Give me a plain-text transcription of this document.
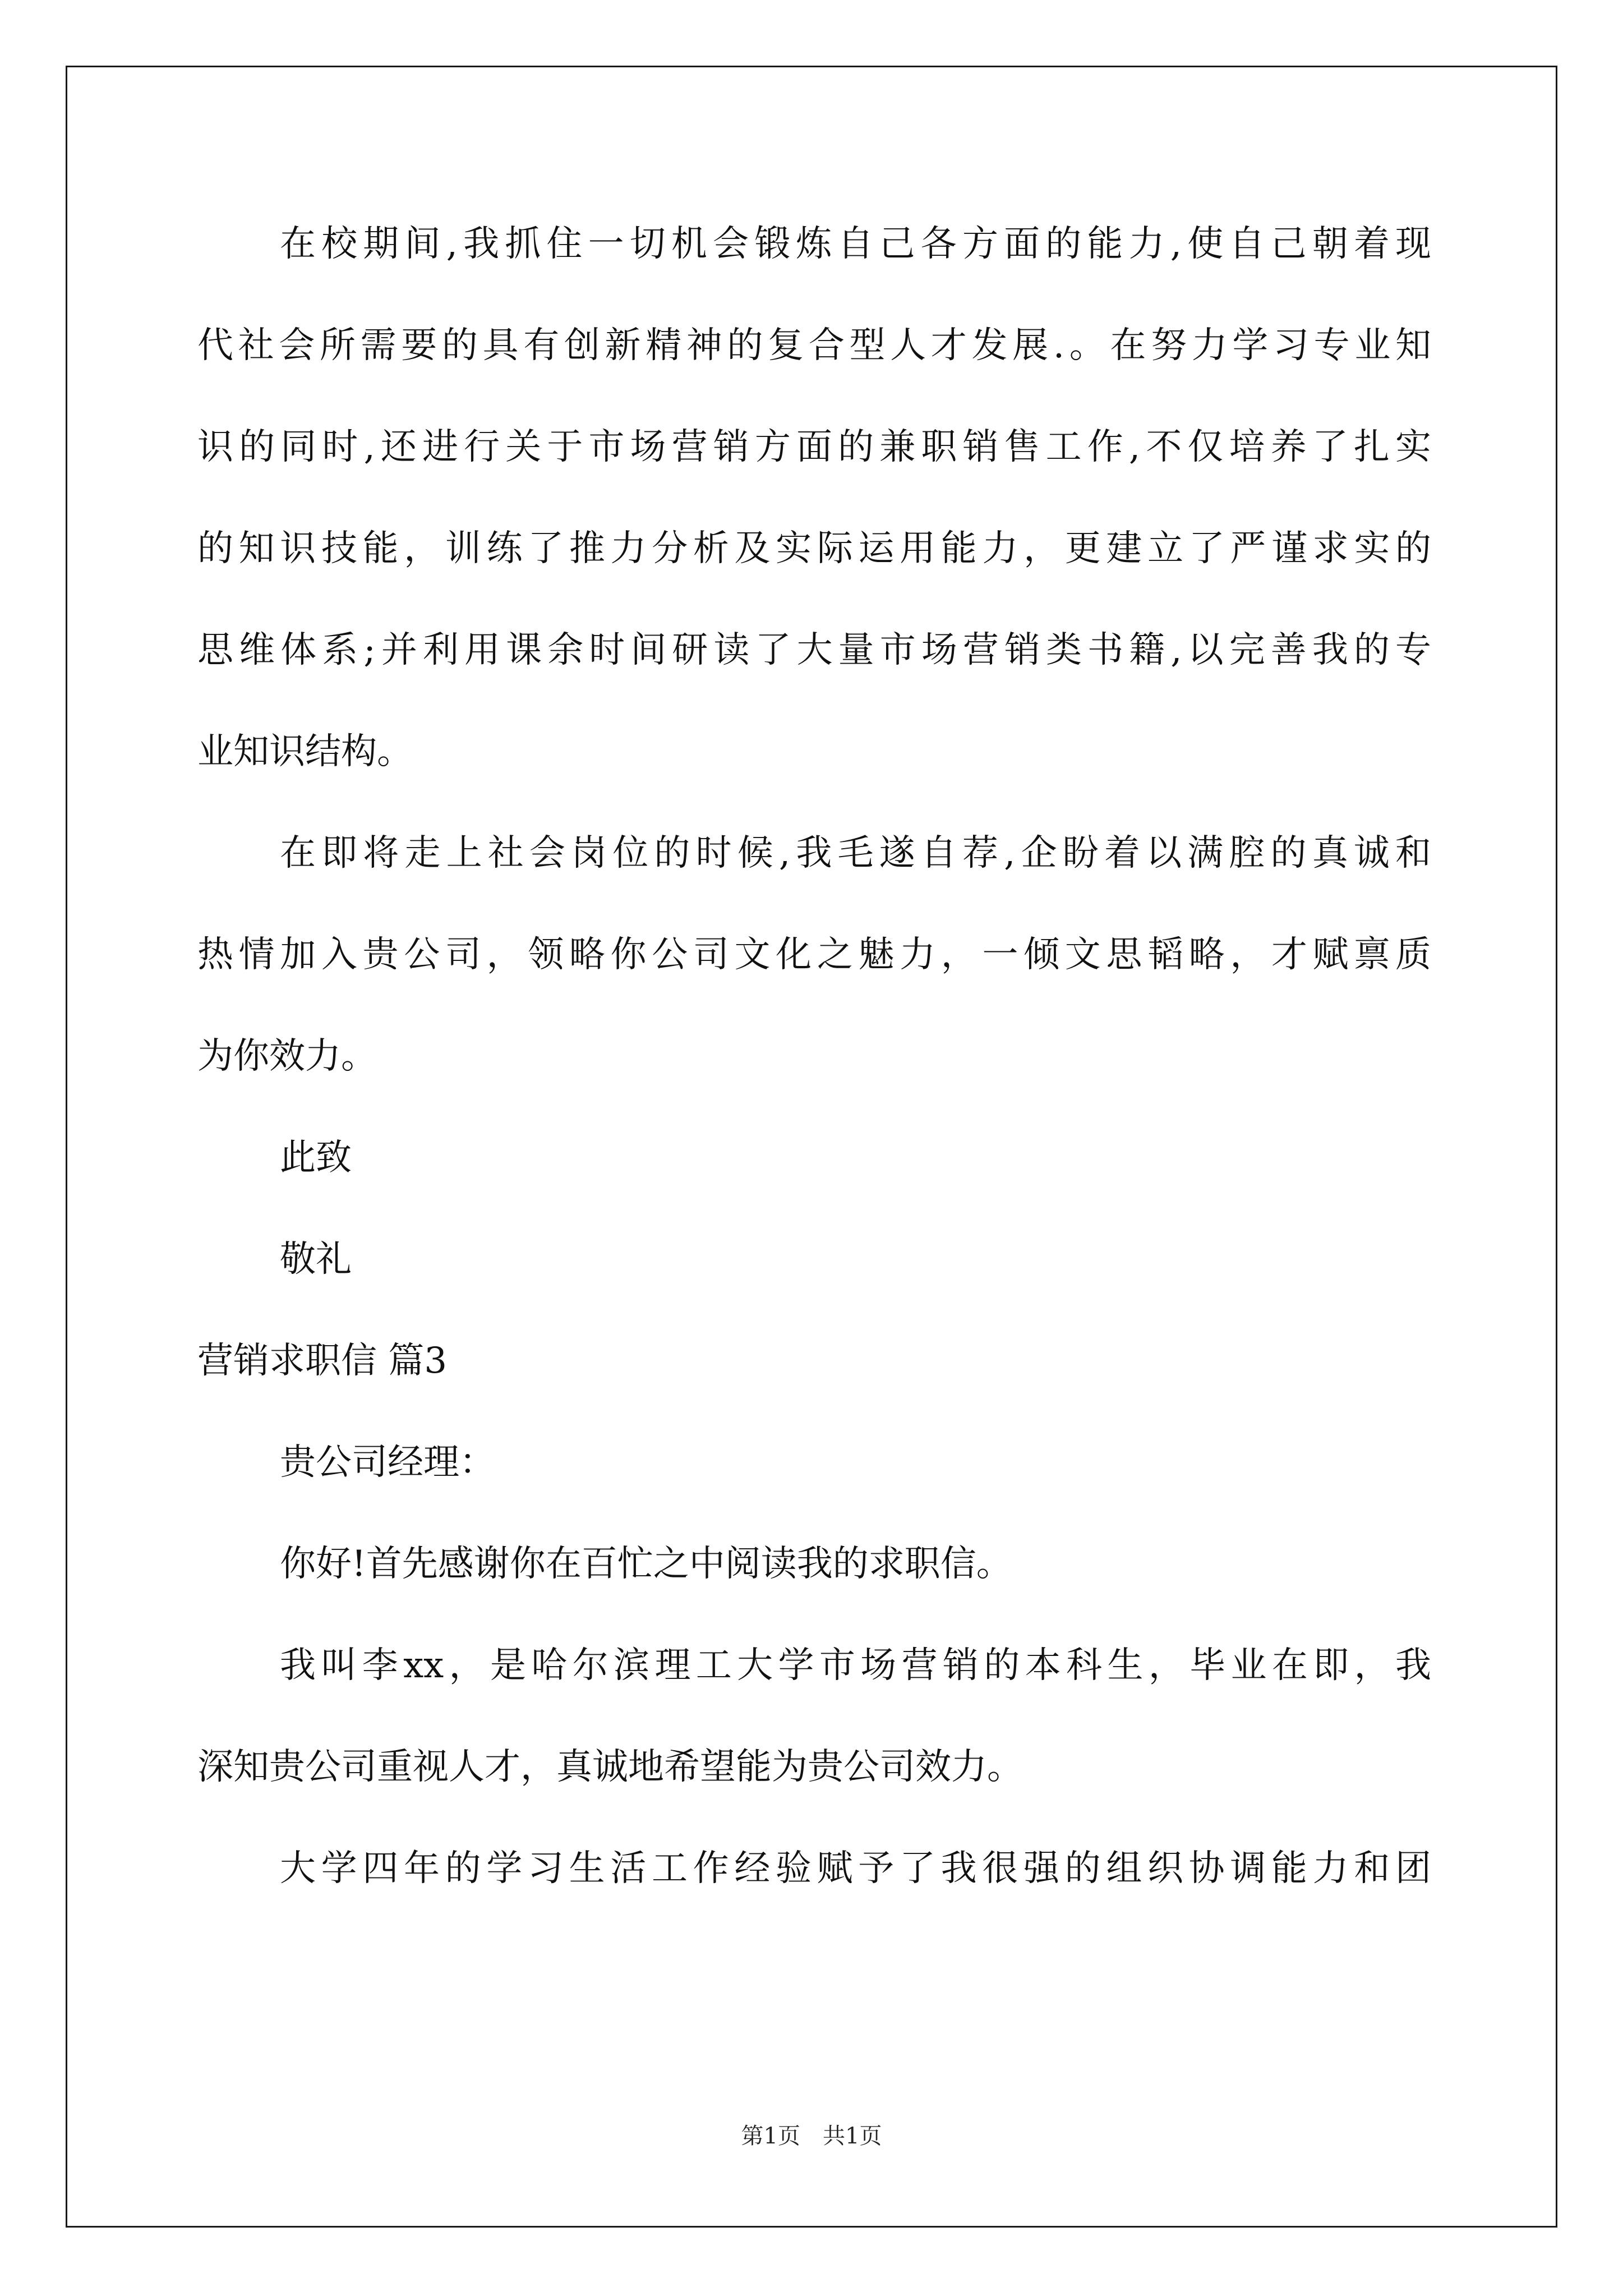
在校期间,我抓住一切机会锻炼自己各方面的能力,使自己朝着现
代社会所需要的具有创新精神的复合型人才发展.。在努力学习专业知
识的同时,还进行关于市场营销方面的兼职销售工作,不仅培养了扎实
的知识技能，训练了推力分析及实际运用能力，更建立了严谨求实的
思维体系;并利用课余时间研读了大量市场营销类书籍,以完善我的专
业知识结构。
在即将走上社会岗位的时候,我毛遂自荐,企盼着以满腔的真诚和
热情加入贵公司，领略你公司文化之魅力，一倾文思韬略，才赋禀质
为你效力。
此致
敬礼
营销求职信 篇3
贵公司经理：
你好!首先感谢你在百忙之中阅读我的求职信。
我叫李xx，是哈尔滨理工大学市场营销的本科生，毕业在即，我
深知贵公司重视人才，真诚地希望能为贵公司效力。
大学四年的学习生活工作经验赋予了我很强的组织协调能力和团
第1页　共1页
